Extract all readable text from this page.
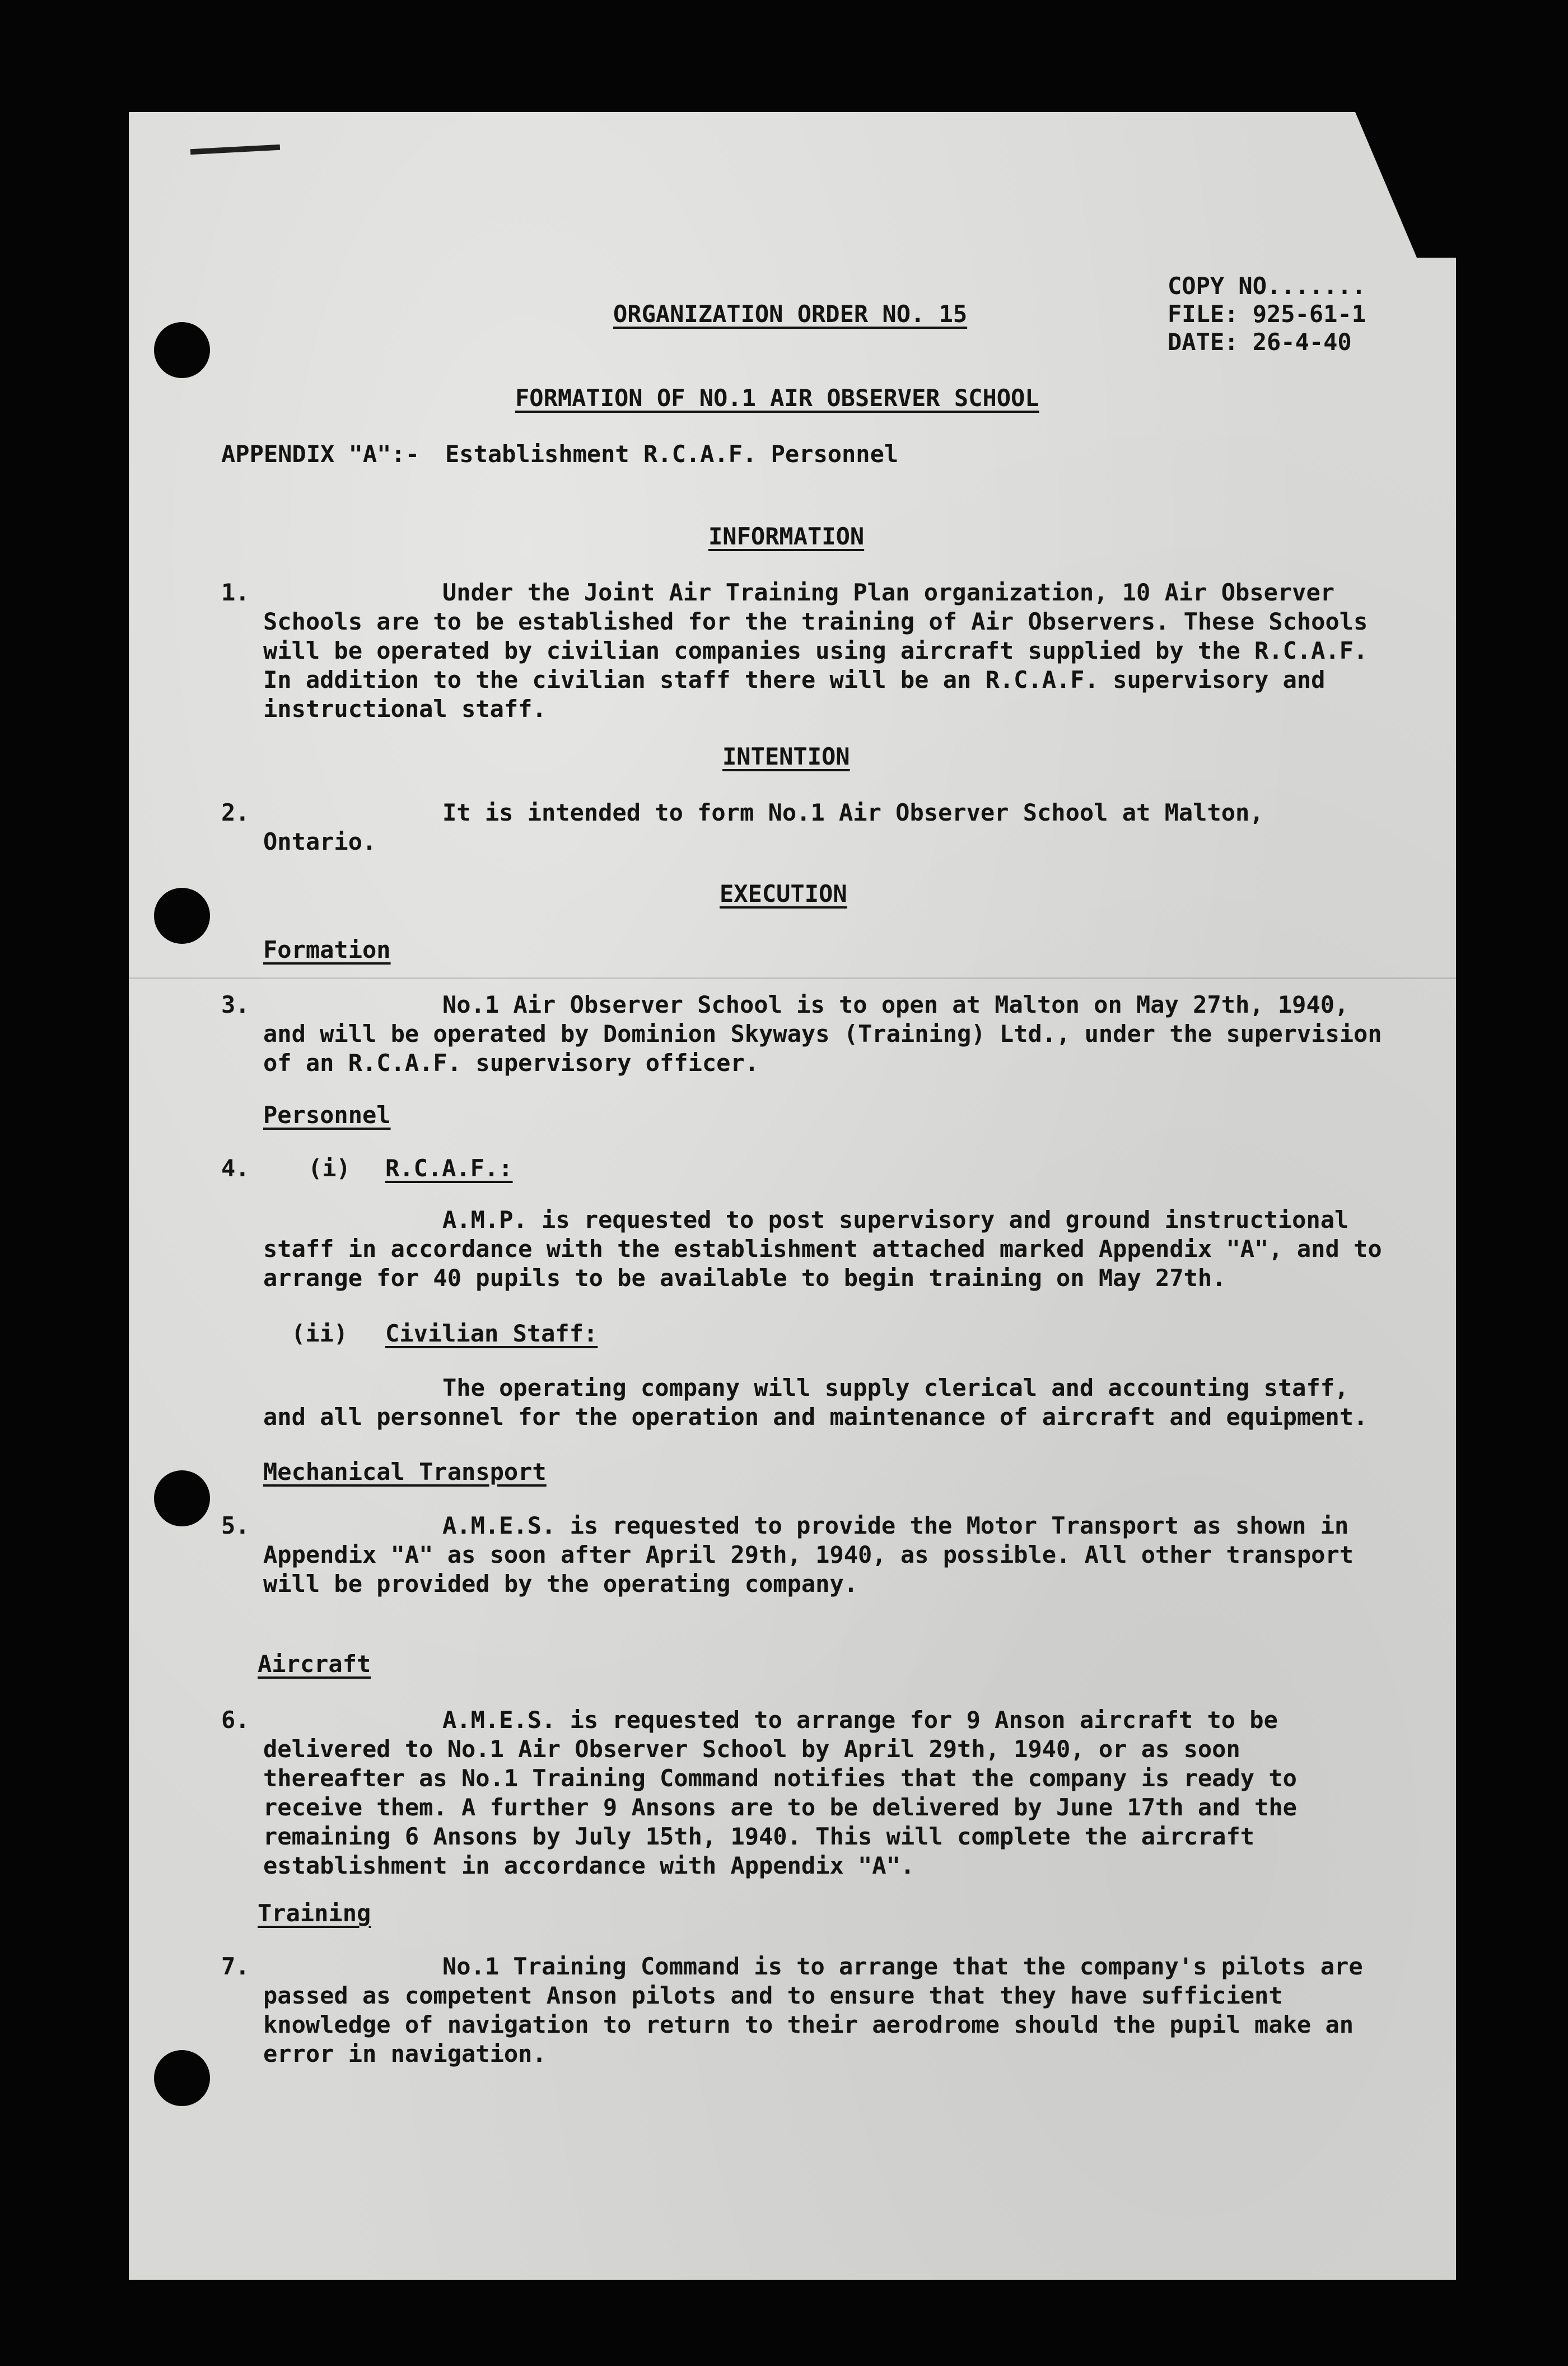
COPY NO.......
ORGANIZATION ORDER NO. 15	FILE: 925-61-1
DATE: 26-4-40
FORMATION OF NO.1 AIR OBSERVER SCHOOL
APPENDIX "A":- Establishment R.C.A.F. Personnel
INFORMATION
1.	Under the Joint Air Training Plan organization, 10 Air Observer Schools are to be established for the training of Air Observers. These Schools will be operated by civilian companies using aircraft supplied by the R.C.A.F. In addition to the civilian staff there will be an R.C.A.F. supervisory and instructional staff.

INTENTION
2.	It is intended to form No.1 Air Observer School at Malton, Ontario.

EXECUTION
Formation
3.	No.1 Air Observer School is to open at Malton on May 27th, 1940, and will be operated by Dominion Skyways (Training) Ltd., under the supervision of an R.C.A.F. supervisory officer.

Personnel
4. (i) R.C.A.F.:

A.M.P. is requested to post supervisory and ground instructional staff in accordance with the establishment attached marked Appendix "A", and to arrange for 40 pupils to be available to begin training on May 27th.

(ii) Civilian Staff:

The operating company will supply clerical and accounting staff, and all personnel for the operation and maintenance of aircraft and equipment.

Mechanical Transport
5.	A.M.E.S. is requested to provide the Motor Transport as shown in Appendix "A" as soon after April 29th, 1940, as possible. All other transport will be provided by the operating company.

Aircraft
6.	A.M.E.S. is requested to arrange for 9 Anson aircraft to be delivered to No.1 Air Observer School by April 29th, 1940, or as soon thereafter as No.1 Training Command notifies that the company is ready to receive them. A further 9 Ansons are to be delivered by June 17th and the remaining 6 Ansons by July 15th, 1940. This will complete the aircraft establishment in accordance with Appendix "A".

Training
7.	No.1 Training Command is to arrange that the company's pilots are passed as competent Anson pilots and to ensure that they have sufficient knowledge of navigation to return to their aerodrome should the pupil make an error in navigation.
